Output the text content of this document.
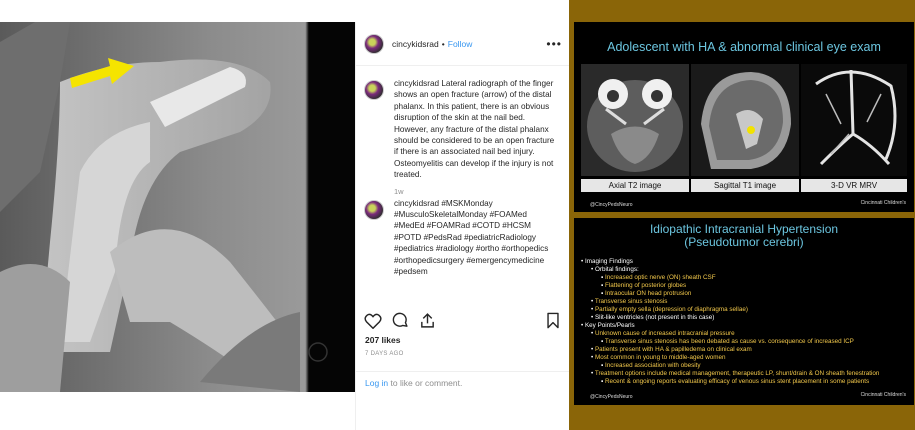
cincykidsrad • Follow	•••
cincykidsrad Lateral radiograph of the finger shows an open fracture (arrow) of the distal phalanx. In this patient, there is an obvious disruption of the skin at the nail bed. However, any fracture of the distal phalanx should be considered to be an open fracture if there is an associated nail bed injury. Osteomyelitis can develop if the injury is not treated.
1w
cincykidsrad #MSKMonday #MusculoSkeletalMonday #FOAMed #MedEd #FOAMRad #COTD #HCSM #POTD #PedsRad #pediatricRadiology #pediatrics #radiology #ortho #orthopedics #orthopedicsurgery #emergencymedicine #pedsem
207 likes
7 DAYS AGO
Log in to like or comment.
Adolescent with HA & abnormal clinical eye exam
Axial T2 image	Sagittal T1 image	3-D VR MRV
@CincyPedsNeuro	Cincinnati Children's
Idiopathic Intracranial Hypertension
(Pseudotumor cerebri)
• Imaging Findings
• Orbital findings:
▪ Increased optic nerve (ON) sheath CSF
▪ Flattening of posterior globes
▪ Intraocular ON head protrusion
• Transverse sinus stenosis
• Partially empty sella (depression of diaphragma sellae)
• Slit-like ventricles (not present in this case)
• Key Points/Pearls
• Unknown cause of increased intracranial pressure
▪ Transverse sinus stenosis has been debated as cause vs. consequence of increased ICP
• Patients present with HA & papilledema on clinical exam
• Most common in young to middle-aged women
▪ Increased association with obesity
• Treatment options include medical management, therapeutic LP, shunt/drain & ON sheath fenestration
▪ Recent & ongoing reports evaluating efficacy of venous sinus stent placement in some patients
@CincyPedsNeuro	Cincinnati Children's
